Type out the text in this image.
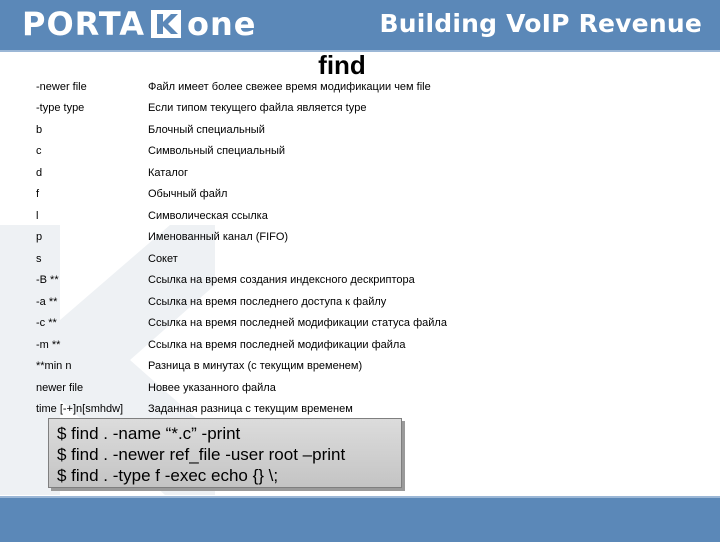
PORTA one	Building VoIP Revenue
find
-newer file	Файл имеет более свежее время модификации чем file
-type type	Если типом текущего файла является type
b	Блочный специальный
c	Символьный специальный
d	Каталог
f	Обычный файл
l	Символическая ссылка
p	Именованный канал (FIFO)
s	Сокет
-B **	Ссылка на время создания индексного дескриптора
-a **	Ссылка на время последнего доступа к файлу
-c **	Ссылка на время последней модификации статуса файла
-m **	Ссылка на время последней модификации файла
**min n	Разница в минутах (с текущим временем)
newer file	Новее указанного файла
time [-+]n[smhdw]	Заданная разница с текущим временем
$ find . -name “*.c” -print
$ find . -newer ref_file -user root –print
$ find . -type f -exec echo {} \;
